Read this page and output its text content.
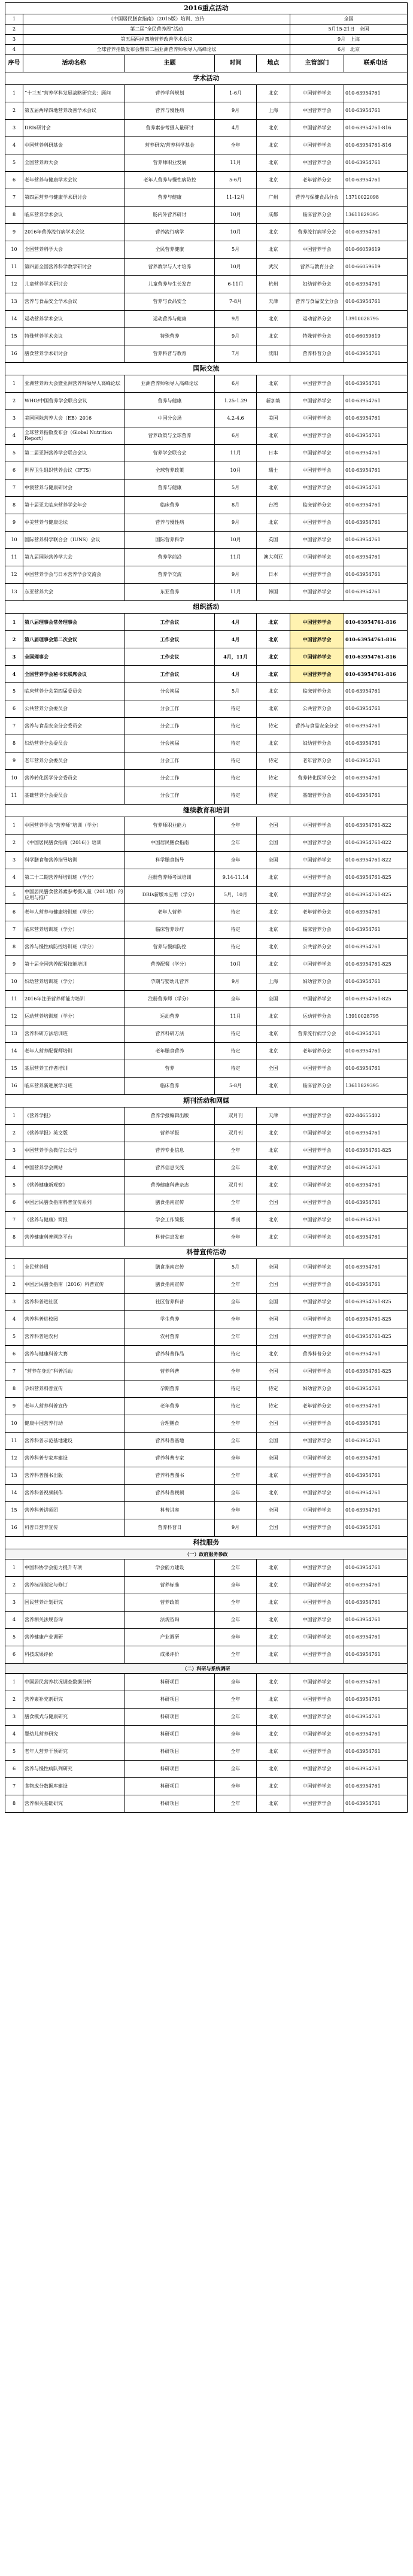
2016重点活动						
1	《中国居民膳食指南》（2015版）培训、宣传				全国	
2	第二届“全民营养周”活动				5月15-21日　全国	
3	第五届两岸四地营养改善学术会议				9月　上海	
4	全球营养指数发布会暨第二届亚洲营养师领导人高峰论坛				6月　北京	
序号	活动名称	主题	时间	地点	主管部门	联系电话
学术活动						
1	“十三五”营养学科发展战略研究会：顾问	营养学科规划	1-6月	北京	中国营养学会	010-63954761
2	第五届两岸四地营养改善学术会议	营养与慢性病	9月	上海	中国营养学会	010-63954761
3	DRIs研讨会	营养素参考摄入量研讨	4月	北京	中国营养学会	010-63954761-816
4	中国营养科研基金	营养研究/营养科学基金	全年	北京	中国营养学会	010-63954761-816
5	全国营养师大会	营养师职业发展	11月	北京	中国营养学会	010-63954761
6	老年营养与健康学术会议	老年人营养与慢性病防控	5-6月	北京	老年营养分会	010-63954761
7	第四届营养与健康学术研讨会	营养与健康	11-12月	广州	营养与保健食品分会	13710022098
8	临床营养学术会议	肠内外营养研讨	10月	成都	临床营养分会	13611829395
9	2016年营养流行病学术会议	营养流行病学	10月	北京	营养流行病学分会	010-63954761
10	全国营养科学大会	全民营养健康	5月	北京	中国营养学会	010-66059619
11	第四届全国营养科学教学研讨会	营养教学与人才培养	10月	武汉	营养与教育分会	010-66059619
12	儿童营养学术研讨会	儿童营养与生长发育	6-11月	杭州	妇幼营养分会	010-63954761
13	营养与食品安全学术会议	营养与食品安全	7-8月	天津	营养与食品安全分会	010-63954761
14	运动营养学术会议	运动营养与健康	9月	北京	运动营养分会	13910028795
15	特殊营养学术会议	特殊营养	9月	北京	特殊营养分会	010-66059619
16	膳食营养学术研讨会	营养科普与教育	7月	沈阳	营养科普分会	010-63954761
国际交流						
1	亚洲营养师大会暨亚洲营养师领导人高峰论坛	亚洲营养师领导人高峰论坛	6月	北京	中国营养学会	010-63954761
2	WHO/中国营养学会联合会议	营养与健康	1.25-1.29	新加坡	中国营养学会	010-63954761
3	美国国际营养大会（EB）2016	中国分会场	4.2-4.6	美国	中国营养学会	010-63954761
4	全球营养指数发布会（Global Nutrition Report）	营养政策与全球营养	6月	北京	中国营养学会	010-63954761
5	第二届亚洲营养学会联合会议	营养学会联合会	11月	日本	中国营养学会	010-63954761
6	世界卫生组织营养会议（IFTS）	全球营养政策	10月	瑞士	中国营养学会	010-63954761
7	中澳营养与健康研讨会	营养与健康	5月	北京	中国营养学会	010-63954761
8	第十届亚太临床营养学会年会	临床营养	8月	台湾	临床营养分会	010-63954761
9	中美营养与健康论坛	营养与慢性病	9月	北京	中国营养学会	010-63954761
10	国际营养科学联合会（IUNS）会议	国际营养科学	10月	英国	中国营养学会	010-63954761
11	第九届国际营养学大会	营养学前沿	11月	澳大利亚	中国营养学会	010-63954761
12	中国营养学会与日本营养学会交流会	营养学交流	9月	日本	中国营养学会	010-63954761
13	东亚营养大会	东亚营养	11月	韩国	中国营养学会	010-63954761
组织活动						
1	第八届理事会常务理事会	工作会议	4月	北京	中国营养学会	010-63954761-816
2	第八届理事会第二次会议	工作会议	4月	北京	中国营养学会	010-63954761-816
3	全国理事会	工作会议	4月，11月	北京	中国营养学会	010-63954761-816
4	全国营养学会秘书长联席会议	工作会议	4月	北京	中国营养学会	010-63954761-816
5	临床营养分会第四届委员会	分会换届	5月	北京	临床营养分会	010-63954761
6	公共营养分会委员会	分会工作	待定	北京	公共营养分会	010-63954761
7	营养与食品安全分会委员会	分会工作	待定	待定	营养与食品安全分会	010-63954761
8	妇幼营养分会委员会	分会换届	待定	北京	妇幼营养分会	010-63954761
9	老年营养分会委员会	分会工作	待定	待定	老年营养分会	010-63954761
10	营养转化医学分会委员会	分会工作	待定	待定	营养转化医学分会	010-63954761
11	基础营养分会委员会	分会工作	待定	待定	基础营养分会	010-63954761
继续教育和培训						
1	中国营养学会“营养师”培训（学分）	营养师职业能力	全年	全国	中国营养学会	010-63954761-822
2	《中国居民膳食指南（2016）》培训	中国居民膳食指南	全年	全国	中国营养学会	010-63954761-822
3	科学膳食和营养指导培训	科学膳食指导	全年	全国	中国营养学会	010-63954761-822
4	第二十二期营养师培训班（学分）	注册营养师考试培训	9.14-11.14	北京	中国营养学会	010-63954761-825
5	中国居民膳食营养素参考摄入量（2013版）的应用与推广	DRIs新版本应用（学分）	5月，10月	北京	中国营养学会	010-63954761-825
6	老年人营养与健康培训班（学分）	老年人营养	待定	北京	老年营养分会	010-63954761
7	临床营养培训班（学分）	临床营养诊疗	待定	北京	临床营养分会	010-63954761
8	营养与慢性病防控培训班（学分）	营养与慢病防控	待定	北京	公共营养分会	010-63954761
9	第十届全国营养配餐技能培训	营养配餐（学分）	10月	北京	中国营养学会	010-63954761-825
10	妇幼营养培训班（学分）	孕期与婴幼儿营养	9月	上海	妇幼营养分会	010-63954761
11	2016年注册营养师能力培训	注册营养师（学分）	全年	全国	中国营养学会	010-63954761-825
12	运动营养培训班（学分）	运动营养	11月	北京	运动营养分会	13910028795
13	营养科研方法培训班	营养科研方法	待定	北京	营养流行病学分会	010-63954761
14	老年人营养配餐师培训	老年膳食营养	待定	北京	老年营养分会	010-63954761
15	基层营养工作者培训	营养	待定	全国	中国营养学会	010-63954761
16	临床营养新进展学习班	临床营养	5-8月	北京	临床营养分会	13611829395
期刊活动和网媒						
1	《营养学报》	营养学报编辑出版	双月刊	天津	中国营养学会	022-84655402
2	《营养学报》英文版	营养学报	双月刊	北京	中国营养学会	010-63954761
3	中国营养学会微信公众号	营养专业信息	全年	北京	中国营养学会	010-63954761-825
4	中国营养学会网站	营养信息交流	全年	北京	中国营养学会	010-63954761
5	《营养健康新观察》	营养健康科普杂志	双月刊	北京	中国营养学会	010-63954761
6	中国居民膳食指南科普宣传系列	膳食指南宣传	全年	全国	中国营养学会	010-63954761
7	《营养与健康》简报	学会工作简报	季刊	北京	中国营养学会	010-63954761
8	营养健康科普网络平台	科普信息发布	全年	北京	中国营养学会	010-63954761
科普宣传活动						
1	全民营养周	膳食指南宣传	5月	全国	中国营养学会	010-63954761
2	中国居民膳食指南（2016）科普宣传	膳食指南宣传	全年	全国	中国营养学会	010-63954761
3	营养科普进社区	社区营养科普	全年	全国	中国营养学会	010-63954761-825
4	营养科普进校园	学生营养	全年	全国	中国营养学会	010-63954761-825
5	营养科普进农村	农村营养	全年	全国	中国营养学会	010-63954761-825
6	营养与健康科普大赛	营养科普作品	待定	北京	营养科普分会	010-63954761
7	“营养在身边”科普活动	营养科普	全年	全国	中国营养学会	010-63954761-825
8	孕妇营养科普宣传	孕期营养	待定	待定	妇幼营养分会	010-63954761
9	老年人营养科普宣传	老年营养	待定	待定	老年营养分会	010-63954761
10	健康中国营养行动	合理膳食	全年	全国	中国营养学会	010-63954761
11	营养科普示范基地建设	营养科普基地	全年	全国	中国营养学会	010-63954761
12	营养科普专家库建设	营养科普专家	全年	全国	中国营养学会	010-63954761
13	营养科普图书出版	营养科普图书	全年	北京	中国营养学会	010-63954761
14	营养科普视频制作	营养科普视频	全年	北京	中国营养学会	010-63954761
15	营养科普讲师团	科普讲座	全年	全国	中国营养学会	010-63954761
16	科普日营养宣传	营养科普日	9月	全国	中国营养学会	010-63954761
科技服务						
（一）政府服务参政						
1	中国科协学会能力提升专项	学会能力建设	全年	北京	中国营养学会	010-63954761
2	营养标准制定与修订	营养标准	全年	北京	中国营养学会	010-63954761
3	国民营养计划研究	营养政策	全年	北京	中国营养学会	010-63954761
4	营养相关法规咨询	法规咨询	全年	北京	中国营养学会	010-63954761
5	营养健康产业调研	产业调研	全年	北京	中国营养学会	010-63954761
6	科技成果评价	成果评价	全年	北京	中国营养学会	010-63954761
（二）科研与系统调研						
1	中国居民营养状况调查数据分析	科研项目	全年	北京	中国营养学会	010-63954761
2	营养素补充剂研究	科研项目	全年	北京	中国营养学会	010-63954761
3	膳食模式与健康研究	科研项目	全年	北京	中国营养学会	010-63954761
4	婴幼儿营养研究	科研项目	全年	北京	中国营养学会	010-63954761
5	老年人营养干预研究	科研项目	全年	北京	中国营养学会	010-63954761
6	营养与慢性病队列研究	科研项目	全年	北京	中国营养学会	010-63954761
7	食物成分数据库建设	科研项目	全年	北京	中国营养学会	010-63954761
8	营养相关基础研究	科研项目	全年	北京	中国营养学会	010-63954761
